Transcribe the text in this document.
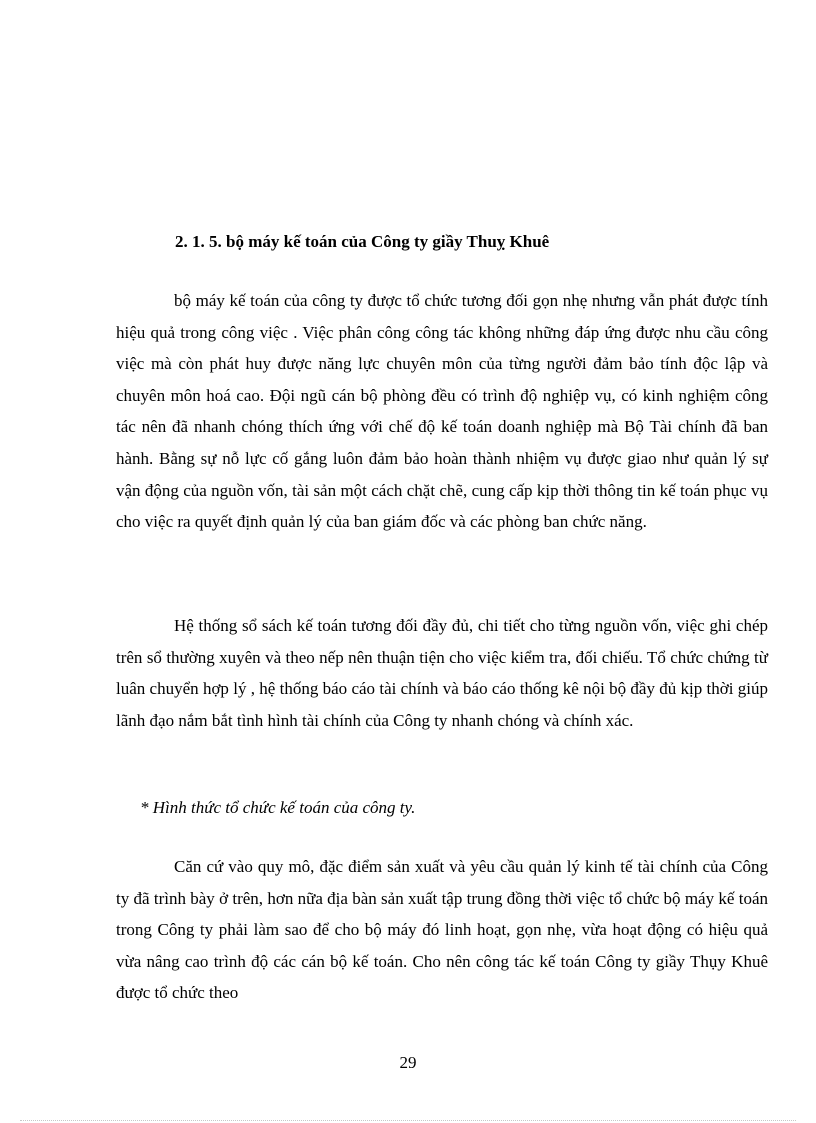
2. 1. 5. bộ máy kế toán của Công ty giầy Thuỵ Khuê

bộ máy kế toán của công ty được tổ chức tương đối gọn nhẹ nhưng vẫn phát được tính hiệu quả trong công việc . Việc phân công công tác không những đáp ứng được nhu cầu công việc mà còn phát huy được năng lực chuyên môn của từng người đảm bảo tính độc lập và chuyên môn hoá cao. Đội ngũ cán bộ phòng đều có trình độ nghiệp vụ, có kinh nghiệm công tác nên đã nhanh chóng thích ứng với chế độ kế toán doanh nghiệp mà Bộ Tài chính đã ban hành. Bằng sự nỗ lực cố gắng luôn đảm bảo hoàn thành nhiệm vụ được giao như quản lý sự vận động của nguồn vốn, tài sản một cách chặt chẽ, cung cấp kịp thời thông tin kế toán phục vụ cho việc ra quyết định quản lý của ban giám đốc và các phòng ban chức năng.

Hệ thống sổ sách kế toán tương đối đầy đủ, chi tiết cho từng nguồn vốn, việc ghi chép trên sổ thường xuyên và theo nếp nên thuận tiện cho việc kiểm tra, đối chiếu. Tổ chức chứng từ luân chuyển hợp lý , hệ thống báo cáo tài chính và báo cáo thống kê nội bộ đầy đủ kịp thời giúp lãnh đạo nắm bắt tình hình tài chính của Công ty nhanh chóng và chính xác.

* Hình thức tổ chức kế toán của công ty.

Căn cứ vào quy mô, đặc điểm sản xuất và yêu cầu quản lý kinh tế tài chính của Công ty đã trình bày ở trên, hơn nữa địa bàn sản xuất tập trung đồng thời việc tổ chức bộ máy kế toán trong Công ty phải làm sao để cho bộ máy đó linh hoạt, gọn nhẹ, vừa hoạt động có hiệu quả vừa nâng cao trình độ các cán bộ kế toán. Cho nên công tác kế toán Công ty giầy Thụy Khuê được tổ chức theo

29
